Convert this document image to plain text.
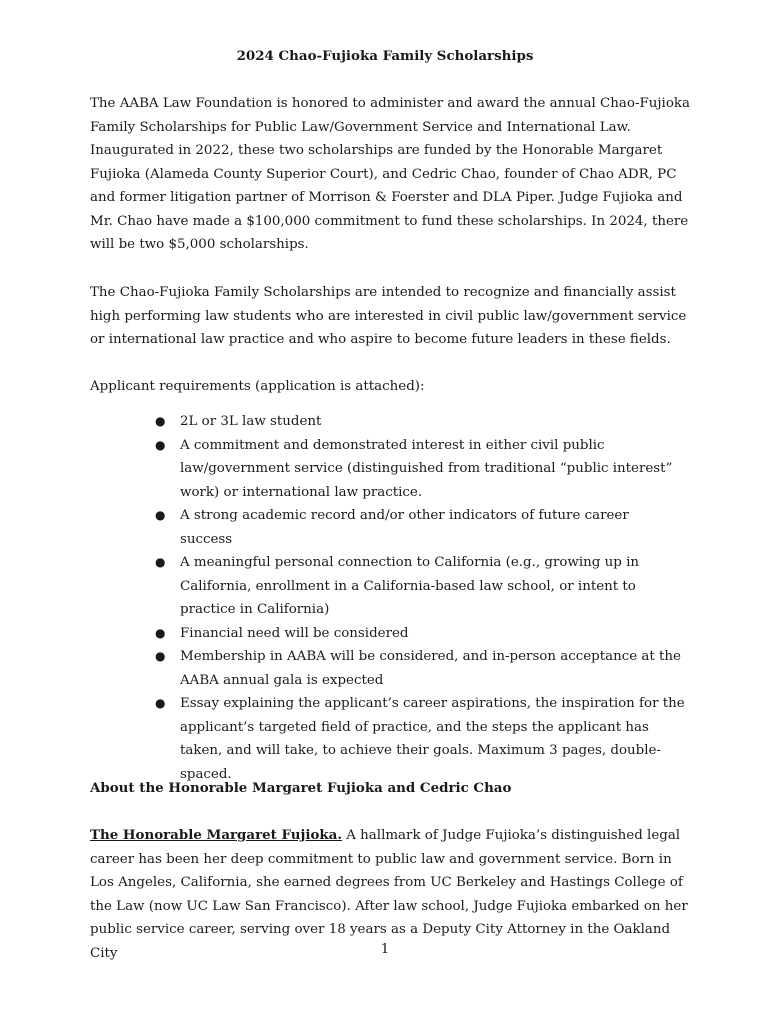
2024 Chao-Fujioka Family Scholarships

The AABA Law Foundation is honored to administer and award the annual Chao-Fujioka Family Scholarships for Public Law/Government Service and International Law. Inaugurated in 2022, these two scholarships are funded by the Honorable Margaret Fujioka (Alameda County Superior Court), and Cedric Chao, founder of Chao ADR, PC and former litigation partner of Morrison & Foerster and DLA Piper. Judge Fujioka and Mr. Chao have made a $100,000 commitment to fund these scholarships. In 2024, there will be two $5,000 scholarships.

The Chao-Fujioka Family Scholarships are intended to recognize and financially assist high performing law students who are interested in civil public law/government service or international law practice and who aspire to become future leaders in these fields.

Applicant requirements (application is attached):

● 2L or 3L law student
● A commitment and demonstrated interest in either civil public law/government service (distinguished from traditional “public interest” work) or international law practice.
● A strong academic record and/or other indicators of future career success
● A meaningful personal connection to California (e.g., growing up in California, enrollment in a California-based law school, or intent to practice in California)
● Financial need will be considered
● Membership in AABA will be considered, and in-person acceptance at the AABA annual gala is expected
● Essay explaining the applicant’s career aspirations, the inspiration for the applicant’s targeted field of practice, and the steps the applicant has taken, and will take, to achieve their goals. Maximum 3 pages, double-spaced.
About the Honorable Margaret Fujioka and Cedric Chao

The Honorable Margaret Fujioka. A hallmark of Judge Fujioka’s distinguished legal career has been her deep commitment to public law and government service. Born in Los Angeles, California, she earned degrees from UC Berkeley and Hastings College of the Law (now UC Law San Francisco). After law school, Judge Fujioka embarked on her public service career, serving over 18 years as a Deputy City Attorney in the Oakland City	1
